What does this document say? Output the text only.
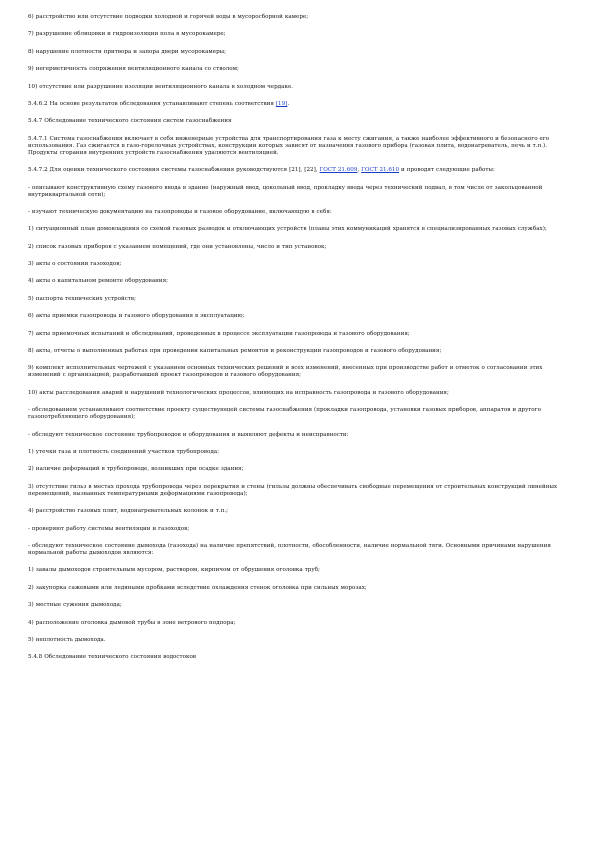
6) расстройство или отсутствие подводки холодной и горячей воды в мусоросборной камере;

7) разрушение облицовки и гидроизоляции пола в мусорокамере;

8) нарушение плотности притвора и запора двери мусорокамеры;

9) негерметичность сопряжения вентиляционного канала со стволом;

10) отсутствие или разрушение изоляции вентиляционного канала в холодном чердаке.

5.4.6.2 На основе результатов обследования устанавливают степень соответствия [19].

5.4.7 Обследование технического состояния систем газоснабжения

5.4.7.1 Система газоснабжения включает в себя инженерные устройства для транспортирования газа к месту сжигания, а также наиболее эффективного и безопасного его использования. Газ сжигается в газо-горелочных устройствах, конструкции которых зависят от назначения газового прибора (газовая плита, водонагреватель, печь и т.п.). Продукты сгорания внутренних устройств газоснабжения удаляются вентиляцией.

5.4.7.2 Для оценки технического состояния системы газоснабжения руководствуются [21], [22], ГОСТ 21.609, ГОСТ 21.610 и проводят следующие работы:

- описывают конструктивную схему газового ввода в здание (наружный ввод, цокольный ввод, прокладку ввода через технический подвал, в том числе от закольцованной внутриквартальной сети);

- изучают техническую документацию на газопроводы и газовое оборудование, включающую в себя:

1) ситуационный план домовладения со схемой газовых разводок и отключающих устройств (планы этих коммуникаций хранятся в специализированных газовых службах);

2) список газовых приборов с указанием помещений, где они установлены, число и тип установок;

3) акты о состоянии газоходов;

4) акты о капитальном ремонте оборудования;

5) паспорта технических устройств;

6) акты приемки газопровода и газового оборудования в эксплуатацию;

7) акты приемочных испытаний и обследований, проведенных в процессе эксплуатации газопровода и газового оборудования;

8) акты, отчеты о выполненных работах при проведении капитальных ремонтов и реконструкции газопроводов и газового оборудования;

9) комплект исполнительных чертежей с указанием основных технических решений и всех изменений, внесенных при производстве работ и отметок о согласовании этих изменений с организацией, разработавшей проект газопроводов и газового оборудования;

10) акты расследования аварий и нарушений технологических процессов, влияющих на исправность газопровода и газового оборудования;

- обследованием устанавливают соответствие проекту существующей системы газоснабжения (прокладки газопровода, установки газовых приборов, аппаратов и другого газопотребляющего оборудования);

- обследуют техническое состояние трубопроводов и оборудования и выявляют дефекты и неисправности:

1) утечки газа и плотность соединений участков трубопровода;

2) наличие деформаций в трубопроводе, возникших при осадке здания;

3) отсутствие гильз в местах прохода трубопровода через перекрытия и стены (гильзы должны обеспечивать свободные перемещения от строительных конструкций линейных перемещений, вызванных температурными деформациями газопровода);

4) расстройство газовых плит, водонагревательных колонок и т.п.;

- проверяют работу системы вентиляции и газоходов;

- обследуют техническое состояние дымохода (газохода) на наличие препятствий, плотности, обособленности, наличие нормальной тяги. Основными причинами нарушения нормальной работы дымоходов являются:

1) завалы дымоходов строительным мусором, раствором, кирпичом от обрушения оголовка труб;

2) закупорка сажевыми или ледяными пробками вследствие охлаждения стенок оголовка при сильных морозах;

3) местные сужения дымохода;

4) расположение оголовка дымовой трубы в зоне ветрового подпора;

5) неплотность дымохода.

5.4.8 Обследование технического состояния водостоков
